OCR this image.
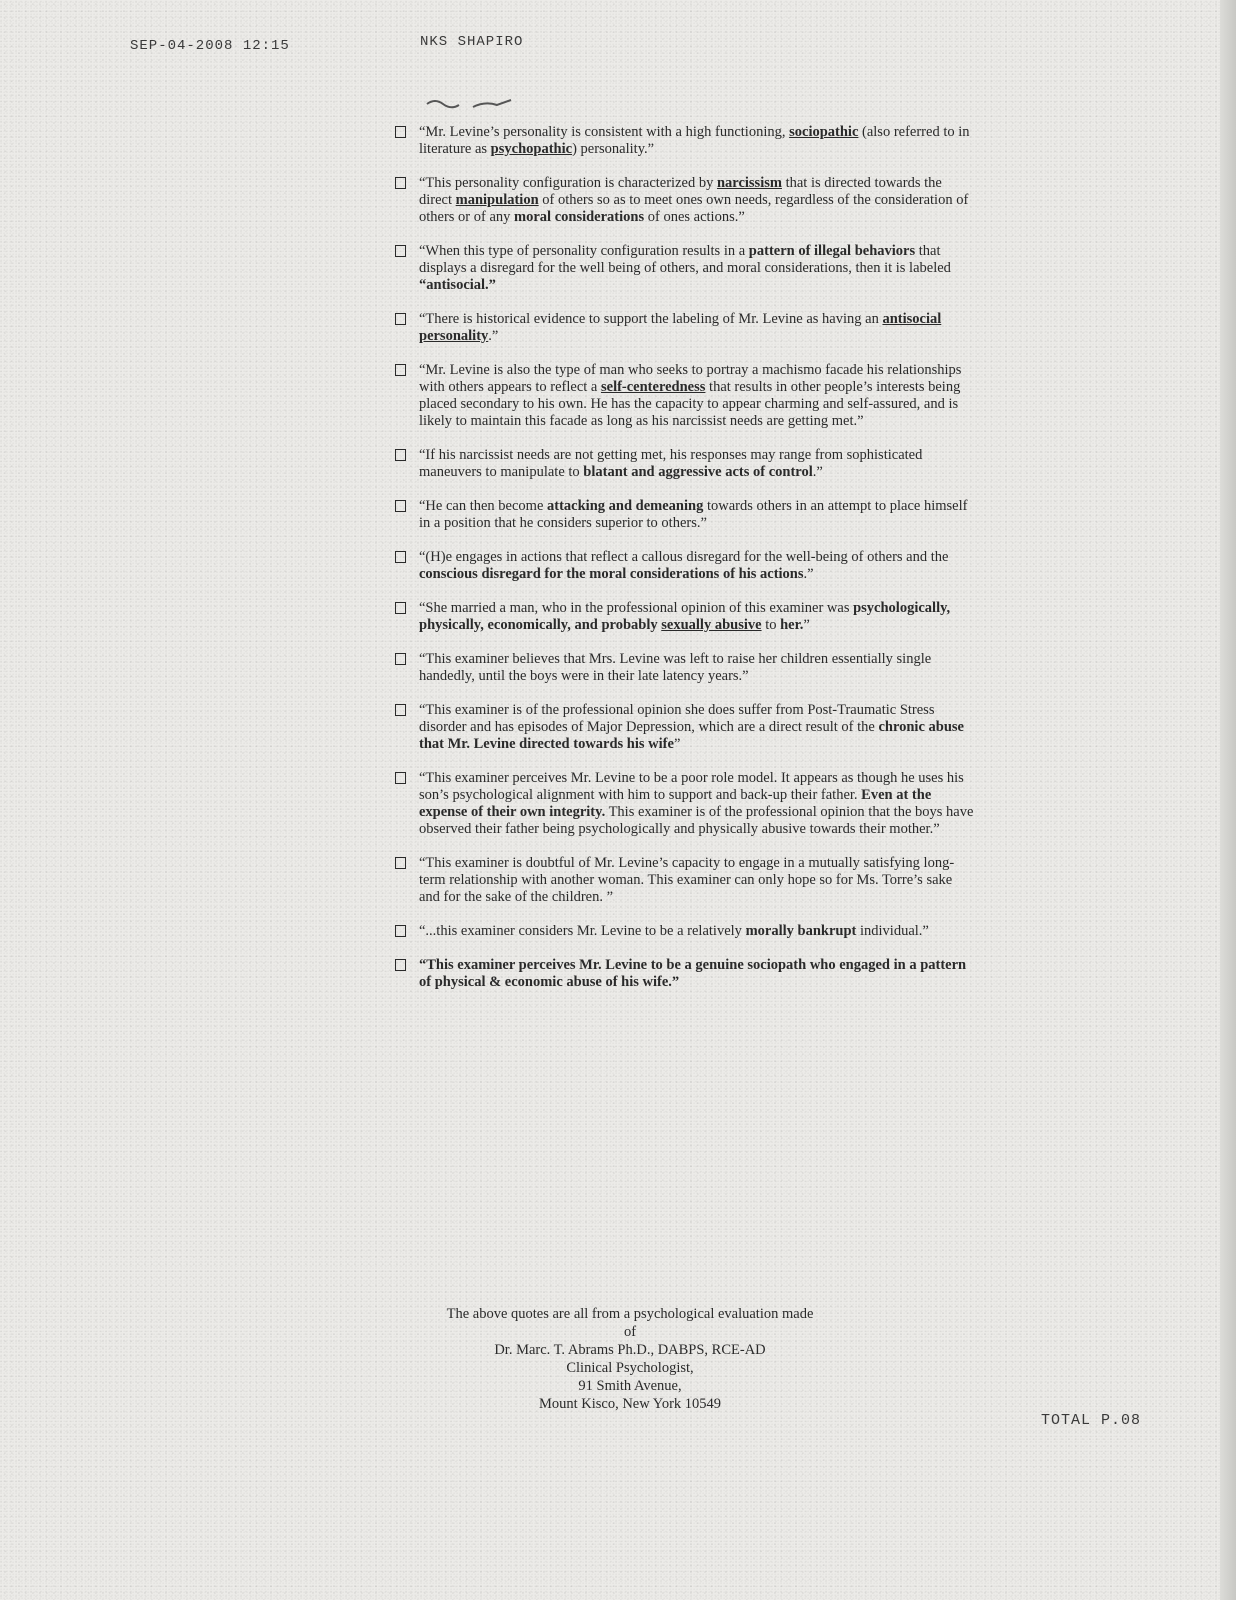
SEP-04-2008 12:15	NKS SHAPIRO
“Mr. Levine’s personality is consistent with a high functioning, sociopathic (also referred to in literature as psychopathic) personality.”
“This personality configuration is characterized by narcissism that is directed towards the direct manipulation of others so as to meet ones own needs, regardless of the consideration of others or of any moral considerations of ones actions.”
“When this type of personality configuration results in a pattern of illegal behaviors that displays a disregard for the well being of others, and moral considerations, then it is labeled “antisocial.”
“There is historical evidence to support the labeling of Mr. Levine as having an antisocial personality.”
“Mr. Levine is also the type of man who seeks to portray a machismo facade his relationships with others appears to reflect a self-centeredness that results in other people’s interests being placed secondary to his own. He has the capacity to appear charming and self-assured, and is likely to maintain this facade as long as his narcissist needs are getting met.”
“If his narcissist needs are not getting met, his responses may range from sophisticated maneuvers to manipulate to blatant and aggressive acts of control.”
“He can then become attacking and demeaning towards others in an attempt to place himself in a position that he considers superior to others.”
“(H)e engages in actions that reflect a callous disregard for the well-being of others and the conscious disregard for the moral considerations of his actions.”
“She married a man, who in the professional opinion of this examiner was psychologically, physically, economically, and probably sexually abusive to her.”
“This examiner believes that Mrs. Levine was left to raise her children essentially single handedly, until the boys were in their late latency years.”
“This examiner is of the professional opinion she does suffer from Post-Traumatic Stress disorder and has episodes of Major Depression, which are a direct result of the chronic abuse that Mr. Levine directed towards his wife”
“This examiner perceives Mr. Levine to be a poor role model. It appears as though he uses his son’s psychological alignment with him to support and back-up their father. Even at the expense of their own integrity. This examiner is of the professional opinion that the boys have observed their father being psychologically and physically abusive towards their mother.”
“This examiner is doubtful of Mr. Levine’s capacity to engage in a mutually satisfying long-term relationship with another woman. This examiner can only hope so for Ms. Torre’s sake and for the sake of the children. ”
“...this examiner considers Mr. Levine to be a relatively morally bankrupt individual.”
“This examiner perceives Mr. Levine to be a genuine sociopath who engaged in a pattern of physical & economic abuse of his wife.”
The above quotes are all from a psychological evaluation made of
Dr. Marc. T. Abrams Ph.D., DABPS, RCE-AD
Clinical Psychologist,
91 Smith Avenue,
Mount Kisco, New York 10549
TOTAL P.08
